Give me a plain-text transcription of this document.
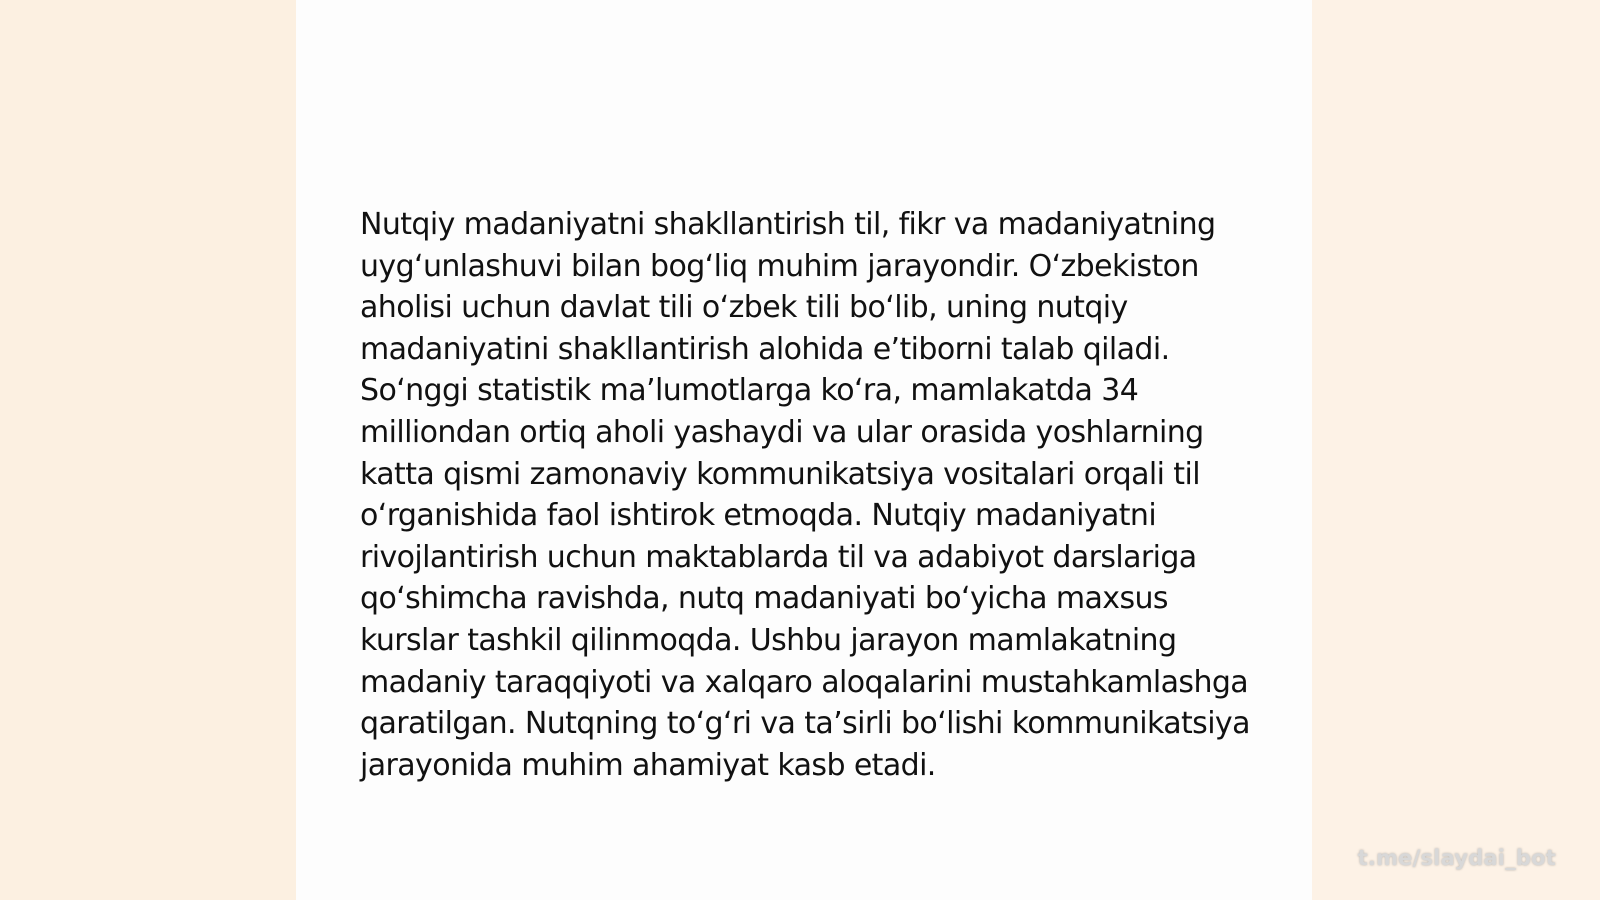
Nutqiy madaniyatni shakllantirish til, fikr va madaniyatning uyg‘unlashuvi bilan bog‘liq muhim jarayondir. O‘zbekiston aholisi uchun davlat tili o‘zbek tili bo‘lib, uning nutqiy madaniyatini shakllantirish alohida e’tiborni talab qiladi. So‘nggi statistik ma’lumotlarga ko‘ra, mamlakatda 34 milliondan ortiq aholi yashaydi va ular orasida yoshlarning katta qismi zamonaviy kommunikatsiya vositalari orqali til o‘rganishida faol ishtirok etmoqda. Nutqiy madaniyatni rivojlantirish uchun maktablarda til va adabiyot darslariga qo‘shimcha ravishda, nutq madaniyati bo‘yicha maxsus kurslar tashkil qilinmoqda. Ushbu jarayon mamlakatning madaniy taraqqiyoti va xalqaro aloqalarini mustahkamlashga qaratilgan. Nutqning to‘g‘ri va ta’sirli bo‘lishi kommunikatsiya jarayonida muhim ahamiyat kasb etadi.

t.me/slaydai_bot
